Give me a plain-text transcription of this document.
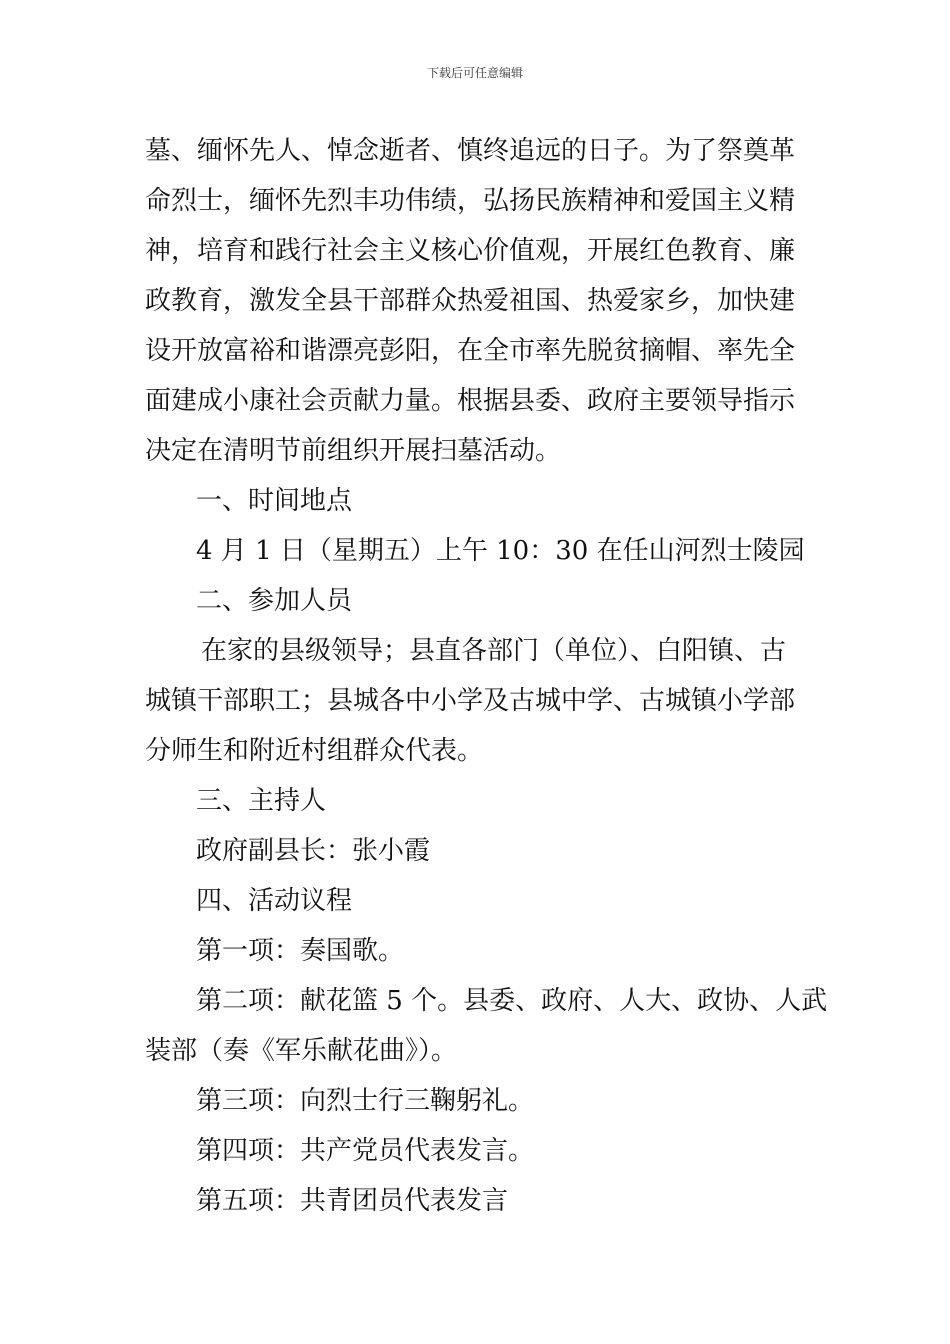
下载后可任意编辑
墓、缅怀先人、悼念逝者、慎终追远的日子。为了祭奠革
命烈士，缅怀先烈丰功伟绩，弘扬民族精神和爱国主义精
神，培育和践行社会主义核心价值观，开展红色教育、廉
政教育，激发全县干部群众热爱祖国、热爱家乡，加快建
设开放富裕和谐漂亮彭阳，在全市率先脱贫摘帽、率先全
面建成小康社会贡献力量。根据县委、政府主要领导指示
决定在清明节前组织开展扫墓活动。
一、时间地点
4 月 1 日（星期五）上午 10：30 在任山河烈士陵园
二、参加人员
在家的县级领导；县直各部门（单位）、白阳镇、古
城镇干部职工；县城各中小学及古城中学、古城镇小学部
分师生和附近村组群众代表。
三、主持人
政府副县长：张小霞
四、活动议程
第一项：奏国歌。
第二项：献花篮 5 个。县委、政府、人大、政协、人武
装部（奏《军乐献花曲》）。
第三项：向烈士行三鞠躬礼。
第四项：共产党员代表发言。
第五项：共青团员代表发言
